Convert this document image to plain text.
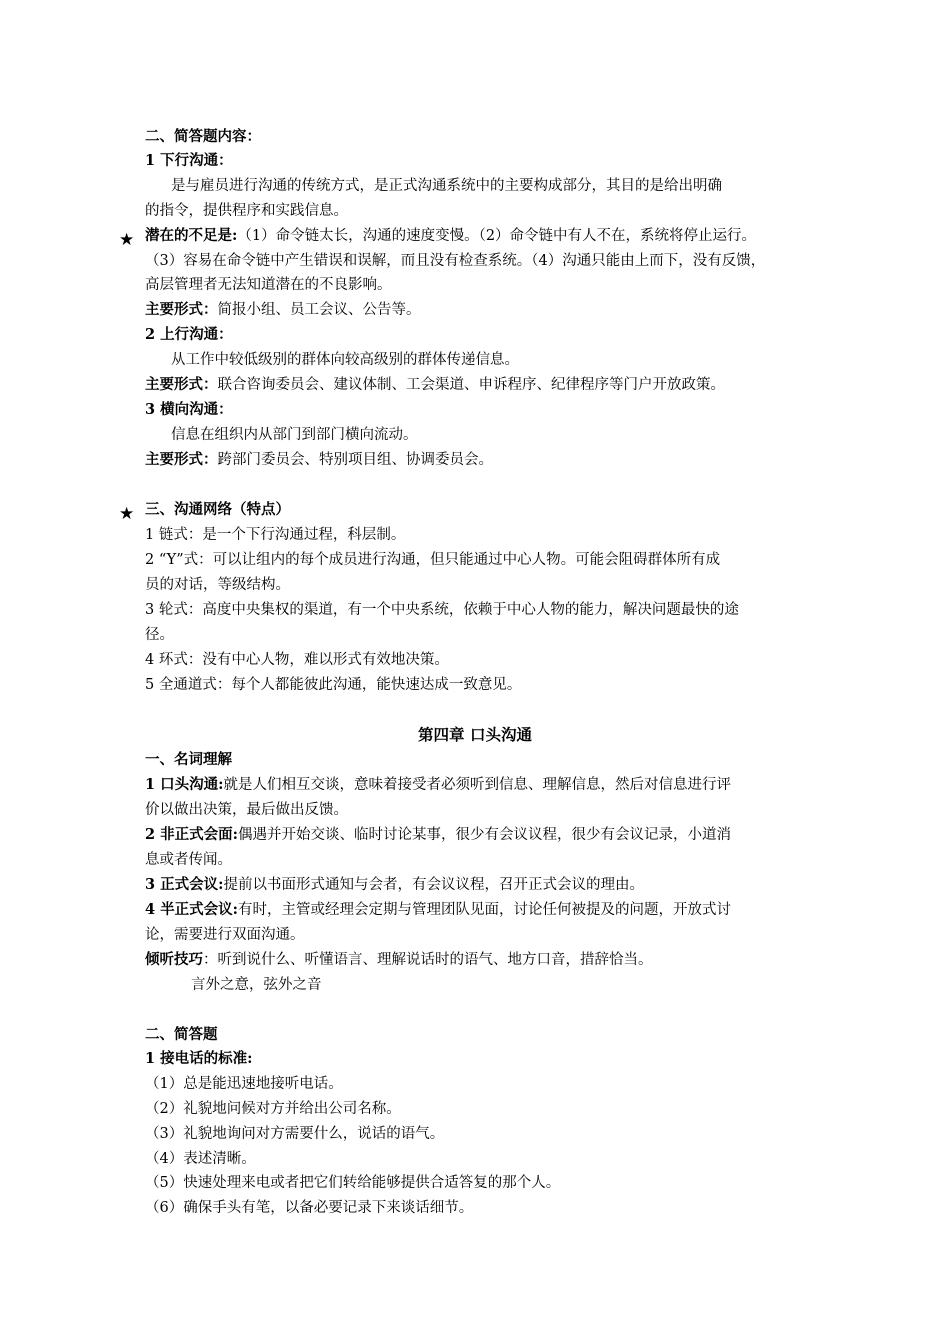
二、简答题内容：
1 下行沟通：
是与雇员进行沟通的传统方式，是正式沟通系统中的主要构成部分，其目的是给出明确
的指令，提供程序和实践信息。
★ 潜在的不足是:（1）命令链太长，沟通的速度变慢。（2）命令链中有人不在，系统将停止运行。
（3）容易在命令链中产生错误和误解，而且没有检查系统。（4）沟通只能由上而下，没有反馈，
高层管理者无法知道潜在的不良影响。
主要形式：简报小组、员工会议、公告等。
2 上行沟通：
从工作中较低级别的群体向较高级别的群体传递信息。
主要形式：联合咨询委员会、建议体制、工会渠道、申诉程序、纪律程序等门户开放政策。
3 横向沟通：
信息在组织内从部门到部门横向流动。
主要形式：跨部门委员会、特别项目组、协调委员会。
★ 三、沟通网络（特点）
1 链式：是一个下行沟通过程，科层制。
2 “Y”式：可以让组内的每个成员进行沟通，但只能通过中心人物。可能会阻碍群体所有成
员的对话，等级结构。
3 轮式：高度中央集权的渠道，有一个中央系统，依赖于中心人物的能力，解决问题最快的途
径。
4 环式：没有中心人物，难以形式有效地决策。
5 全通道式：每个人都能彼此沟通，能快速达成一致意见。
第四章 口头沟通
一、名词理解
1 口头沟通:就是人们相互交谈，意味着接受者必须听到信息、理解信息，然后对信息进行评
价以做出决策，最后做出反馈。
2 非正式会面:偶遇并开始交谈、临时讨论某事，很少有会议议程，很少有会议记录，小道消
息或者传闻。
3 正式会议:提前以书面形式通知与会者，有会议议程，召开正式会议的理由。
4 半正式会议:有时，主管或经理会定期与管理团队见面，讨论任何被提及的问题，开放式讨
论，需要进行双面沟通。
倾听技巧：听到说什么、听懂语言、理解说话时的语气、地方口音，措辞恰当。
言外之意，弦外之音
二、简答题
1 接电话的标准:
（1）总是能迅速地接听电话。
（2）礼貌地问候对方并给出公司名称。
（3）礼貌地询问对方需要什么，说话的语气。
（4）表述清晰。
（5）快速处理来电或者把它们转给能够提供合适答复的那个人。
（6）确保手头有笔，以备必要记录下来谈话细节。
